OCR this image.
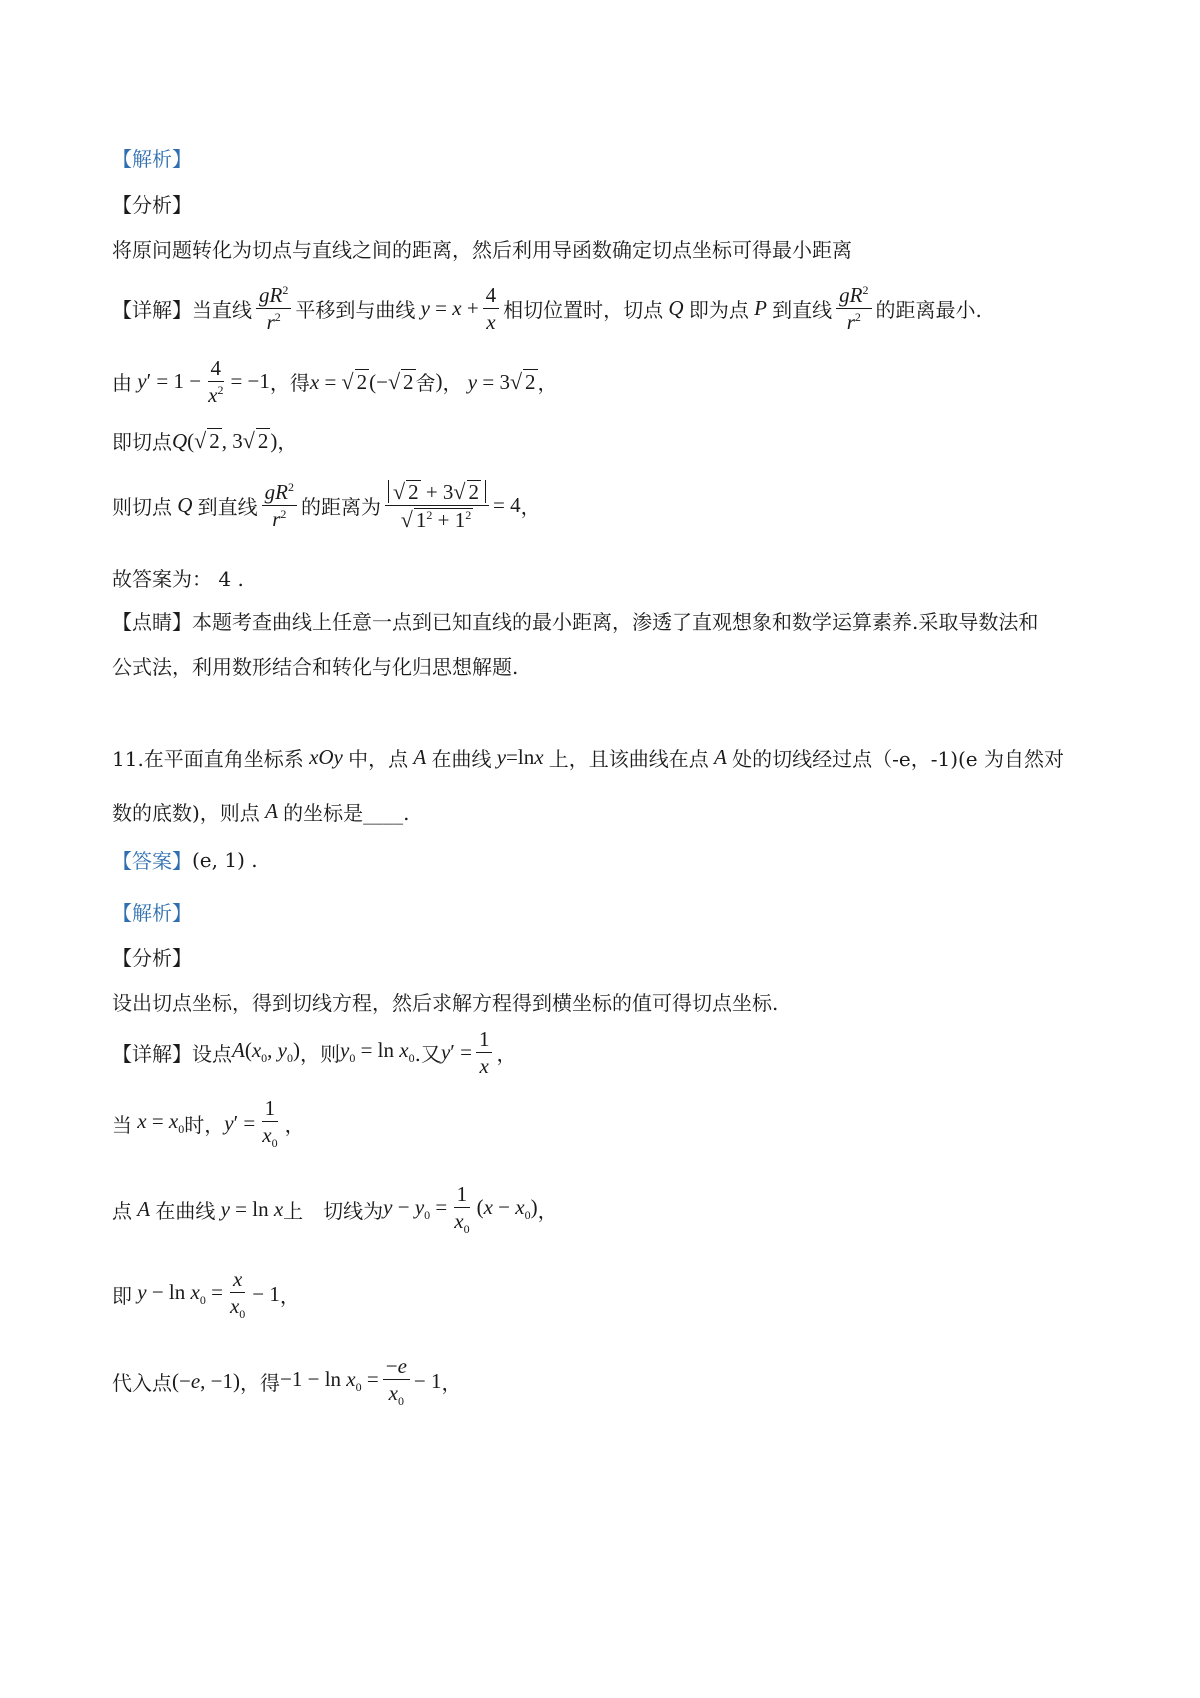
【解析】
【分析】
将原问题转化为切点与直线之间的距离，然后利用导函数确定切点坐标可得最小距离
【详解】 当直线 $\frac{gR^2}{r^2}$ 平移到与曲线 $y = x + \frac{4}{x}$ 相切位置时，切点 Q 即为点 P 到直线 $\frac{gR^2}{r^2}$ 的距离最小.
由 $y' = 1 - \frac{4}{x^2} = -1$ ，得 x = √ 2(−√ 2 舍 ) ， y = 3√ 2 ，
即切点 Q(√ 2, 3√ 2) ，
则切点 Q 到直线 $\frac{gR^2}{r^2}$ 的距离为 $\frac{√ 2 + 3√ 2}{√ 1^2 + 1^2} = 4$ ，
故答案为： 4 .
【点睛】 本题考查曲线上任意一点到已知直线的最小距离，渗透了直观想象和数学运算素养.采取导数法和
公式法，利用数形结合和转化与化归思想解题.
11.在平面直角坐标系 xOy 中，点 A 在曲线 y=lnx 上，且该曲线在点 A 处的切线经过点（-e，-1)(e 为自然对
数的底数)，则点 A 的坐标是____.
【答案】 (e, 1) .
【解析】
【分析】
设出切点坐标，得到切线方程，然后求解方程得到横坐标的值可得切点坐标.
【详解】 设点 $A(x_0$, $y_0$) ，则 $y_0 = \ln x_0$ .又 $y' = \frac{1}{x}$ ，
当 $x = x_0$ 时， $y' = \frac{1}{x_0}$ ，
点 A 在曲线 y = ln x 上　切线为 $y - y_0 = \frac{1}{x_0} (x - x_0)$ ，
即 $y - \ln x_0 = \frac{x}{x_0} - 1$ ，
代入点 (−e, −1) ，得 $-1 - \ln x_0 = \frac{-e}{x_0} - 1$ ，
